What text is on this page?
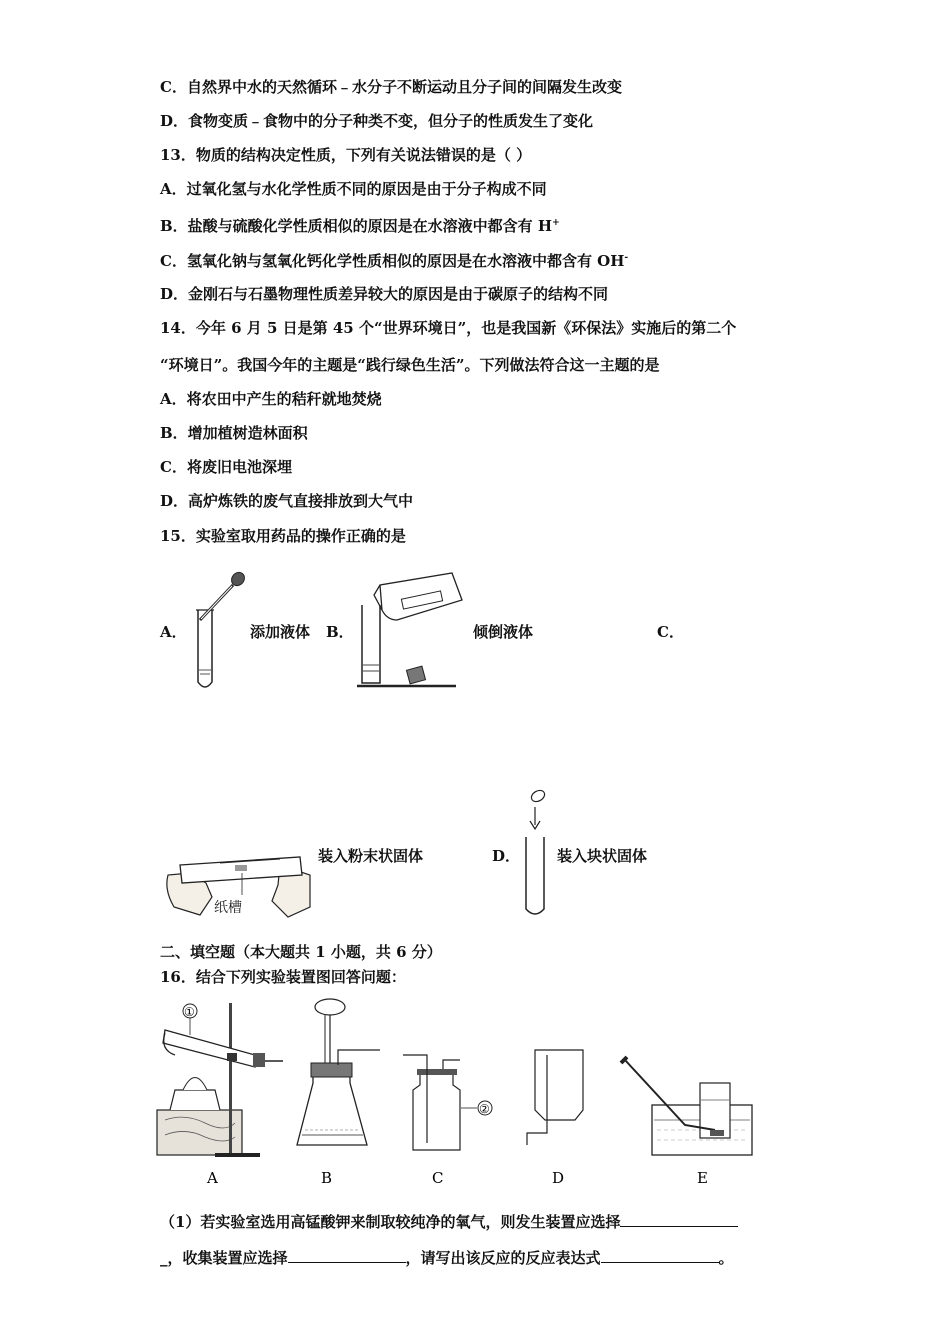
C．自然界中水的天然循环﹣水分子不断运动且分子间的间隔发生改变
D．食物变质﹣食物中的分子种类不变，但分子的性质发生了变化
13．物质的结构决定性质，下列有关说法错误的是（ ）
A．过氧化氢与水化学性质不同的原因是由于分子构成不同
B．盐酸与硫酸化学性质相似的原因是在水溶液中都含有 H+
C．氢氧化钠与氢氧化钙化学性质相似的原因是在水溶液中都含有 OH-
D．金刚石与石墨物理性质差异较大的原因是由于碳原子的结构不同
14．今年 6 月 5 日是第 45 个“世界环境日”，也是我国新《环保法》实施后的第二个
“环境日”。我国今年的主题是“践行绿色生活”。下列做法符合这一主题的是
A．将农田中产生的秸秆就地焚烧
B．增加植树造林面积
C．将废旧电池深埋
D．高炉炼铁的废气直接排放到大气中
15．实验室取用药品的操作正确的是
A．	添加液体 B．	倾倒液体	C．
纸槽
装入粉末状固体	D． 装入块状固体
二、填空题（本大题共 1 小题，共 6 分）
16．结合下列实验装置图回答问题：
①
A	B
②
C	D	E
（1）若实验室选用高锰酸钾来制取较纯净的氧气，则发生装置应选择
_，收集装置应选择	，请写出该反应的反应表达式	。
